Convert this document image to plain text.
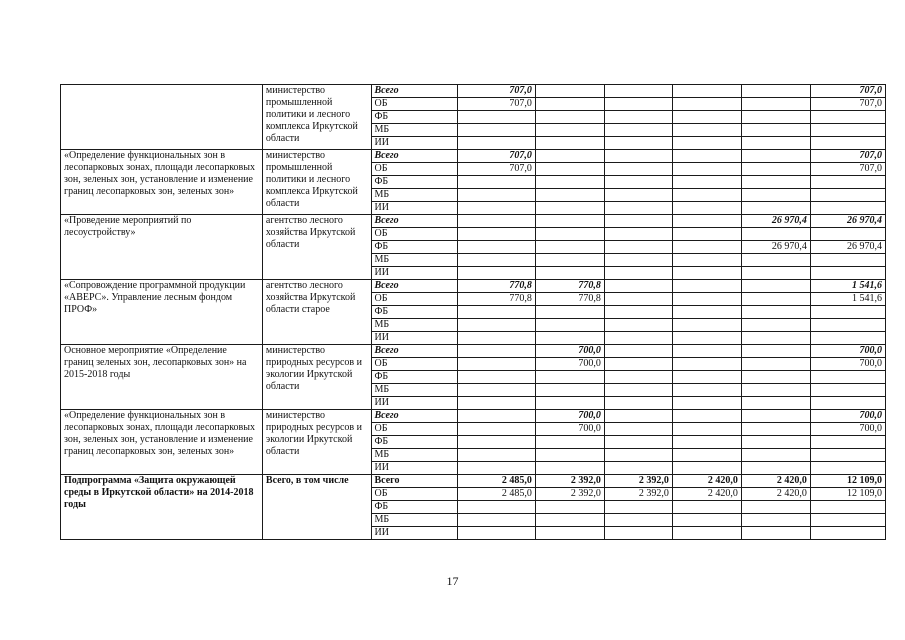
	министерство промышленной политики и лесного комплекса Иркутской области	Всего	707,0					707,0
		ОБ	707,0					707,0
		ФБ						
		МБ						
		ИИ						
«Определение функциональных зон в лесопарковых зонах, площади лесопарковых зон, зеленых зон, установление и изменение границ лесопарковых зон, зеленых зон»	министерство промышленной политики и лесного комплекса Иркутской области	Всего	707,0					707,0
		ОБ	707,0					707,0
		ФБ						
		МБ						
		ИИ						
«Проведение мероприятий по лесоустройству»	агентство лесного хозяйства Иркутской области	Всего					26 970,4	26 970,4
		ОБ						
		ФБ					26 970,4	26 970,4
		МБ						
		ИИ						
«Сопровождение программной продукции «АВЕРС». Управление лесным фондом ПРОФ»	агентство лесного хозяйства Иркутской области старое	Всего	770,8	770,8				1 541,6
		ОБ	770,8	770,8				1 541,6
		ФБ						
		МБ						
		ИИ						
Основное мероприятие «Определение границ зеленых зон, лесопарковых зон» на 2015-2018 годы	министерство природных ресурсов и экологии Иркутской области	Всего		700,0				700,0
		ОБ		700,0				700,0
		ФБ						
		МБ						
		ИИ						
«Определение функциональных зон в лесопарковых зонах, площади лесопарковых зон, зеленых зон, установление и изменение границ лесопарковых зон, зеленых зон»	министерство природных ресурсов и экологии Иркутской области	Всего		700,0				700,0
		ОБ		700,0				700,0
		ФБ						
		МБ						
		ИИ						
Подпрограмма «Защита окружающей среды в Иркутской области» на 2014-2018 годы	Всего, в том числе	Всего	2 485,0	2 392,0	2 392,0	2 420,0	2 420,0	12 109,0
		ОБ	2 485,0	2 392,0	2 392,0	2 420,0	2 420,0	12 109,0
		ФБ						
		МБ						
		ИИ						
17
